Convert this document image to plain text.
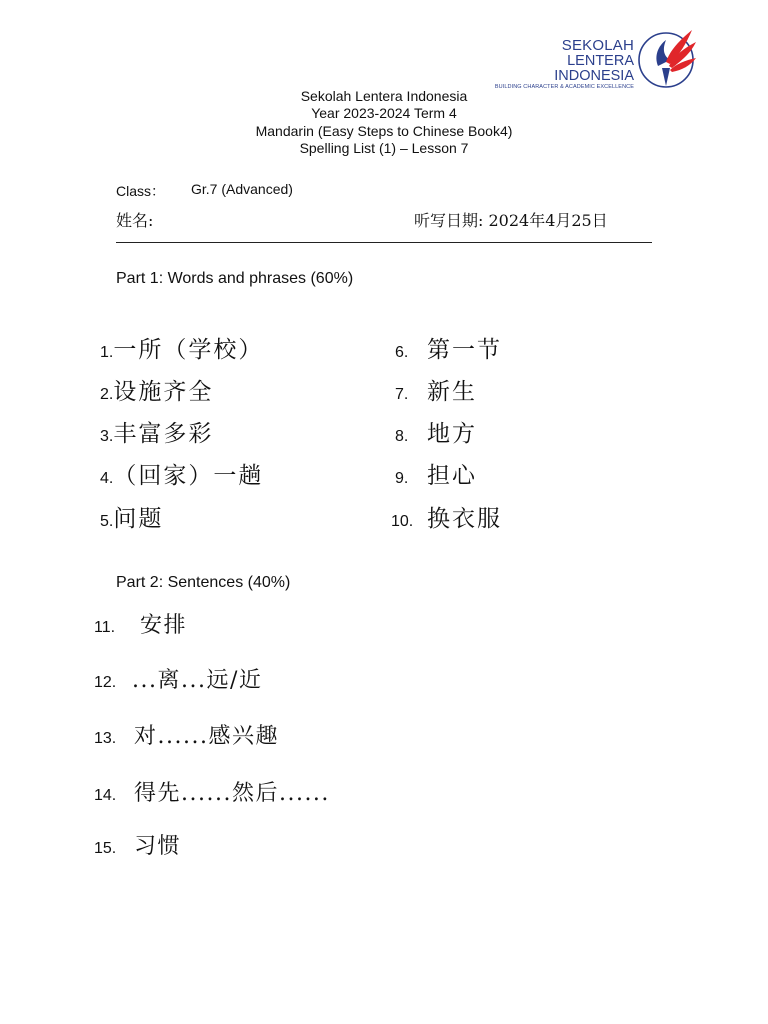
SEKOLAH
LENTERA INDONESIA
BUILDING CHARACTER & ACADEMIC EXCELLENCE
Sekolah Lentera Indonesia
Year 2023-2024 Term 4
Mandarin (Easy Steps to Chinese Book4)
Spelling List (1) – Lesson 7
Class： Gr.7 (Advanced)
姓名:	听写日期: 2024年4月25日
Part 1: Words and phrases (60%)
1.一所（学校）
2.设施齐全
3.丰富多彩
4.（回家）一趟
5.问题
6. 第一节
7. 新生
8. 地方
9. 担心
10. 换衣服
Part 2: Sentences (40%)
11. 安排
12. ...离...远/近
13. 对......感兴趣
14. 得先......然后......
15. 习惯
